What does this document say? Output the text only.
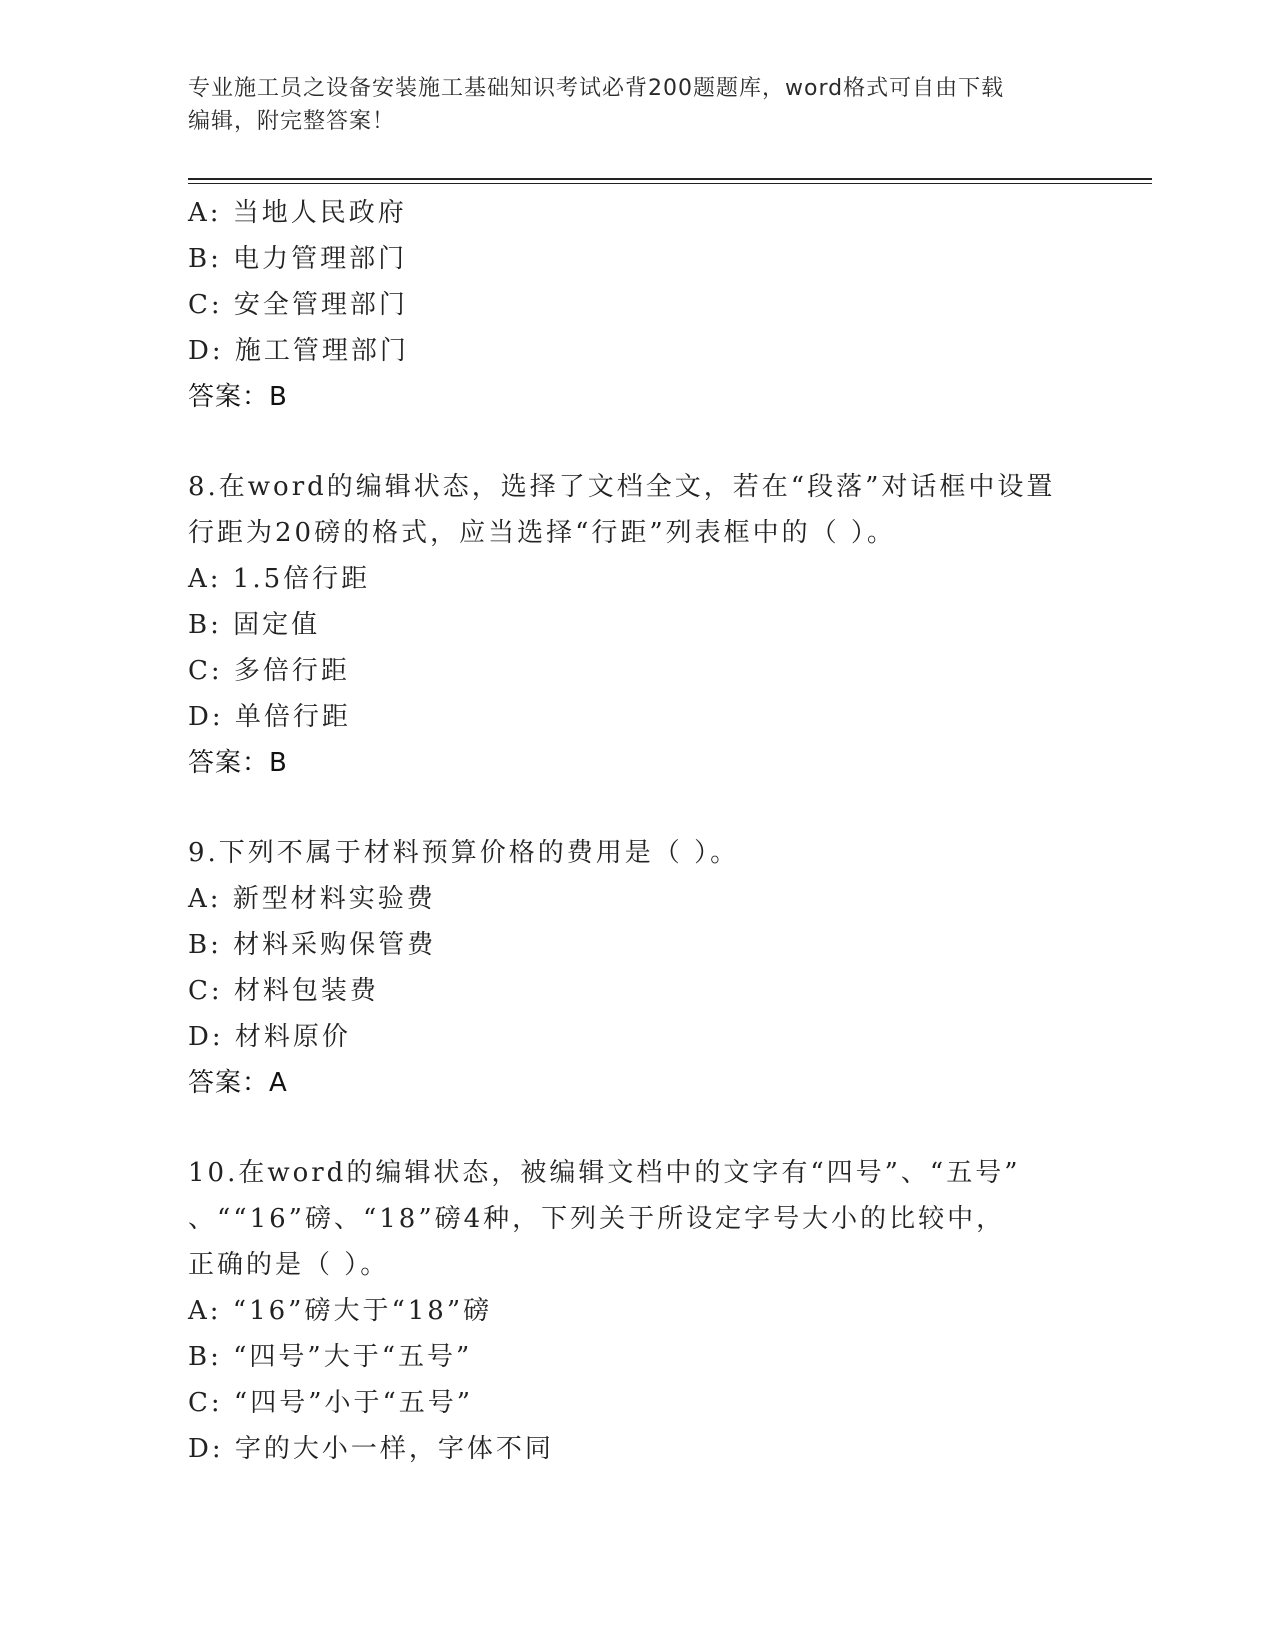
专业施工员之设备安装施工基础知识考试必背200题题库，word格式可自由下载
编辑，附完整答案！
A: 当地人民政府
B: 电力管理部门
C: 安全管理部门
D: 施工管理部门
答案：B
8.在word的编辑状态，选择了文档全文，若在“段落”对话框中设置
行距为20磅的格式，应当选择“行距”列表框中的（ ）。
A: 1.5倍行距
B: 固定值
C: 多倍行距
D: 单倍行距
答案：B
9.下列不属于材料预算价格的费用是（ ）。
A: 新型材料实验费
B: 材料采购保管费
C: 材料包装费
D: 材料原价
答案：A
10.在word的编辑状态，被编辑文档中的文字有“四号”、“五号”
、““16”磅、“18”磅4种，下列关于所设定字号大小的比较中，
正确的是（ ）。
A: “16”磅大于“18”磅
B: “四号”大于“五号”
C: “四号”小于“五号”
D: 字的大小一样，字体不同
